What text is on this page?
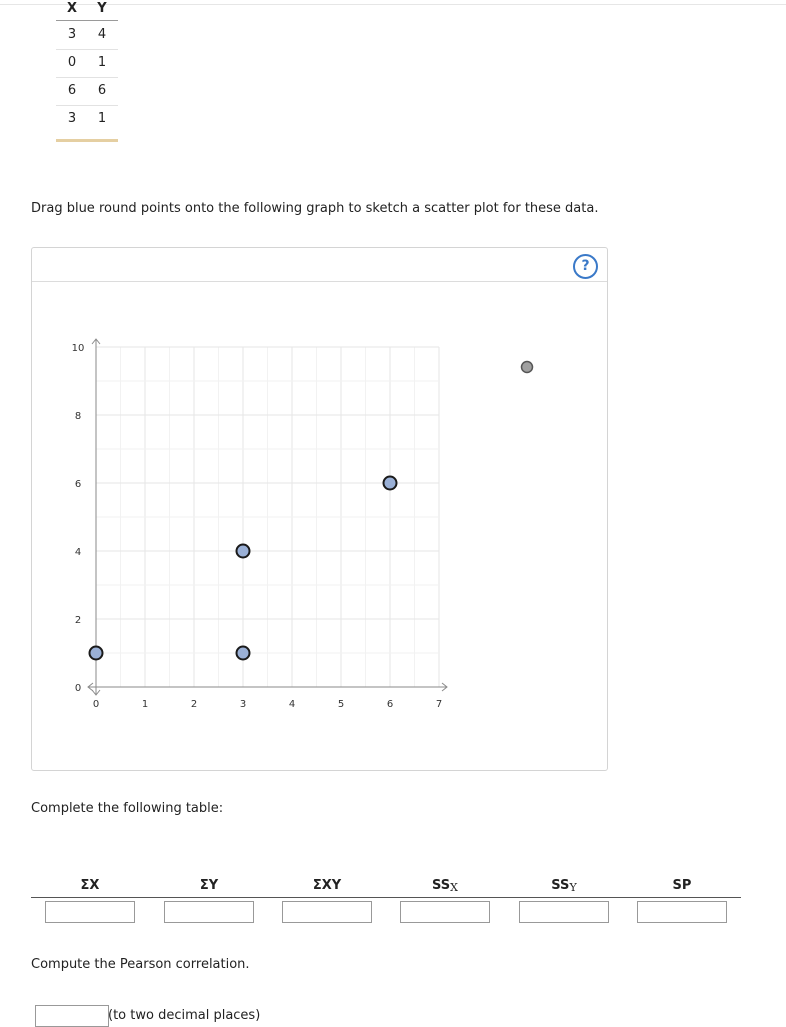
X Y
3 4
0 1
6 6
3 1
Drag blue round points onto the following graph to sketch a scatter plot for these data.
?
0	1	2	3	4	5	6	7
0
2
4
6
8
10
Complete the following table:
ΣX	ΣY	ΣXY	$SS_X$	$SS_Y$	SP
Compute the Pearson correlation.
(to two decimal places)
